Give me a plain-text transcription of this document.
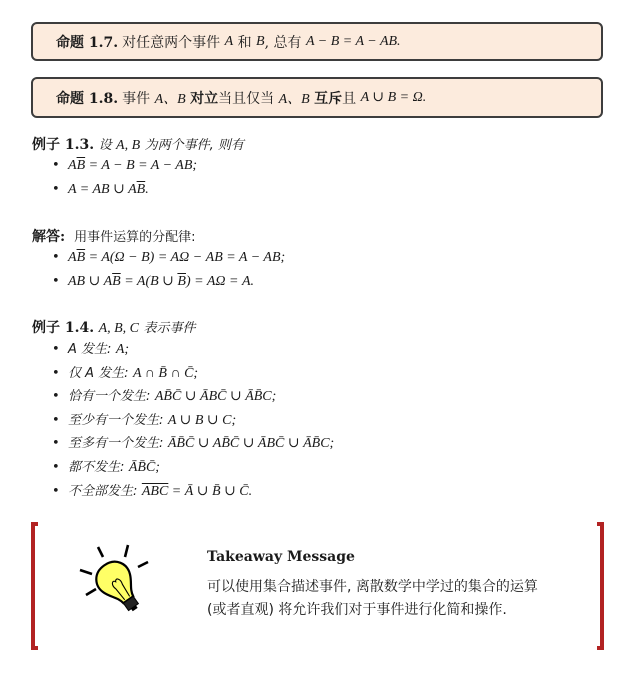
命题 1.7. 对任意两个事件
A
和
B , 总有
A − B = A − AB.
命题 1.8. 事件
A、B
对立 当且仅当
A、B
互斥 且
A ∪ B = Ω.
例子 1.3. 设 A, B 为两个事件, 则有
• $A\overline{B} = A - B = A$ − AB;
• A = AB ∪ $A\overline{B}$.
解答: 用事件运算的分配律:
• $A\overline{B} = A(\Omega - B) = A\Omega$ − AB = A − AB;
• AB ∪ $A\overline{B} = A(B$ ∪ $\overline{B}) = A\Omega = A$.
例子 1.4. A, B, C 表示事件
• A 发生: A;
• 仅 A 发生: A ∩ B̄ ∩ C̄;
• 恰有一个发生: AB̄C̄ ∪ ĀBC̄ ∪ ĀB̄C;
• 至少有一个发生: A ∪ B ∪ C;
• 至多有一个发生: ĀB̄C̄ ∪ AB̄C̄ ∪ ĀBC̄ ∪ ĀB̄C;
• 都不发生: ĀB̄C̄;
• 不全部发生: $\overline{ABC}$ = Ā ∪ B̄ ∪ C̄.
Takeaway Message
可以使用集合描述事件, 离散数学中学过的集合的运算
(或者直观) 将允许我们对于事件进行化简和操作.
